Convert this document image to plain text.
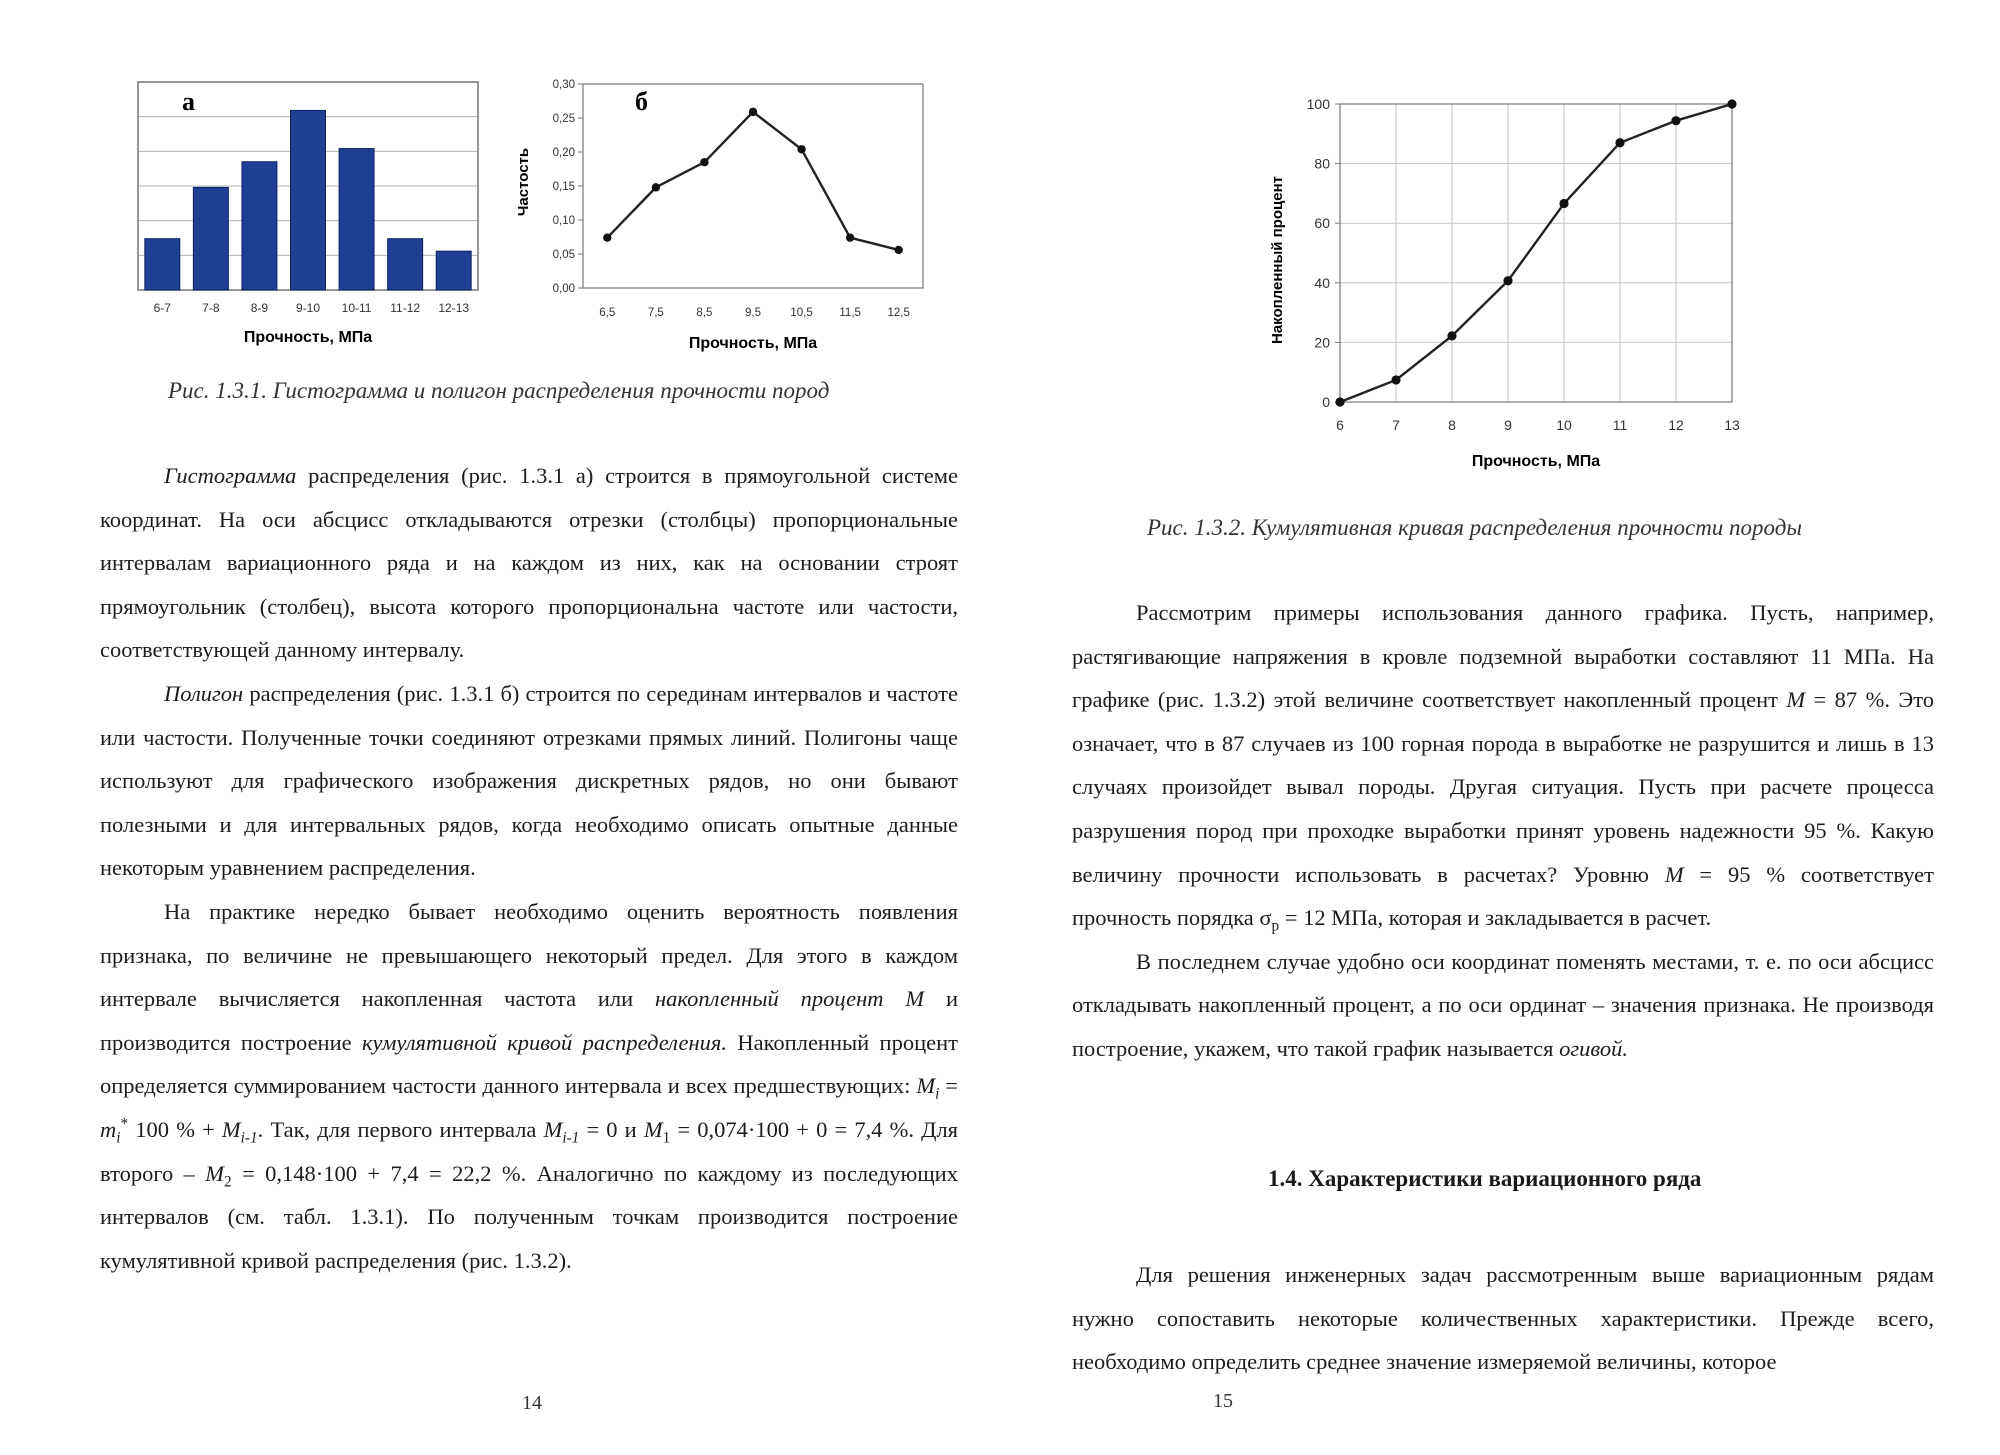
6-7	7-8	8-9 9-10 10-11 11-12 12-13
а
Прочность, МПа
0,00
0,05
0,10
0,15
0,20
0,25
0,30
6,5	7,5	8,5	9,5	10,5 11,5 12,5
б
Частость
Прочность, МПа
Рис. 1.3.1. Гистограмма и полигон распределения прочности пород

Гистограмма распределения (рис. 1.3.1 а) строится в прямоугольной системе координат. На оси абсцисс откладываются отрезки (столбцы) пропорциональные интервалам вариационного ряда и на каждом из них, как на основании строят прямоугольник (столбец), высота которого пропорциональна частоте или частости, соответствующей данному интервалу.

Полигон распределения (рис. 1.3.1 б) строится по серединам интервалов и частоте или частости. Полученные точки соединяют отрезками прямых линий. Полигоны чаще используют для графического изображения дискретных рядов, но они бывают полезными и для интервальных рядов, когда необходимо описать опытные данные некоторым уравнением распределения.

На практике нередко бывает необходимо оценить вероятность появления признака, по величине не превышающего некоторый предел. Для этого в каждом интервале вычисляется накопленная частота или накопленный процент M и производится построение кумулятивной кривой распределения. Накопленный процент определяется суммированием частости данного интервала и всех предшествующих: $M_i = m_i^*$ 100 % + $M_{i-1}$. Так, для первого интервала $M_{i-1} = 0$ и $M_1 = 0,074\cdot 100 + 0 = 7,4$ %. Для второго – $M_2 = 0,148\cdot 100 + 7,4 = 22,2$ %. Аналогично по каждому из последующих интервалов (см. табл. 1.3.1). По полученным точкам производится построение кумулятивной кривой распределения (рис. 1.3.2).

14
0
20
40
60
80
100
6	7	8	9	10	11	12	13
Накопленный процент
Прочность, МПа
Рис. 1.3.2. Кумулятивная кривая распределения прочности породы

Рассмотрим примеры использования данного графика. Пусть, например, растягивающие напряжения в кровле подземной выработки составляют 11 МПа. На графике (рис. 1.3.2) этой величине соответствует накопленный процент M = 87 %. Это означает, что в 87 случаев из 100 горная порода в выработке не разрушится и лишь в 13 случаях произойдет вывал породы. Другая ситуация. Пусть при расчете процесса разрушения пород при проходке выработки принят уровень надежности 95 %. Какую величину прочности использовать в расчетах? Уровню M = 95 % соответствует прочность порядка $\sigma_p = 12$ МПа, которая и закладывается в расчет.

В последнем случае удобно оси координат поменять местами, т. е. по оси абсцисс откладывать накопленный процент, а по оси ординат – значения признака. Не производя построение, укажем, что такой график называется огивой.

1.4. Характеристики вариационного ряда

Для решения инженерных задач рассмотренным выше вариационным рядам нужно сопоставить некоторые количественных характеристики. Прежде всего, необходимо определить среднее значение измеряемой величины, которое

15
